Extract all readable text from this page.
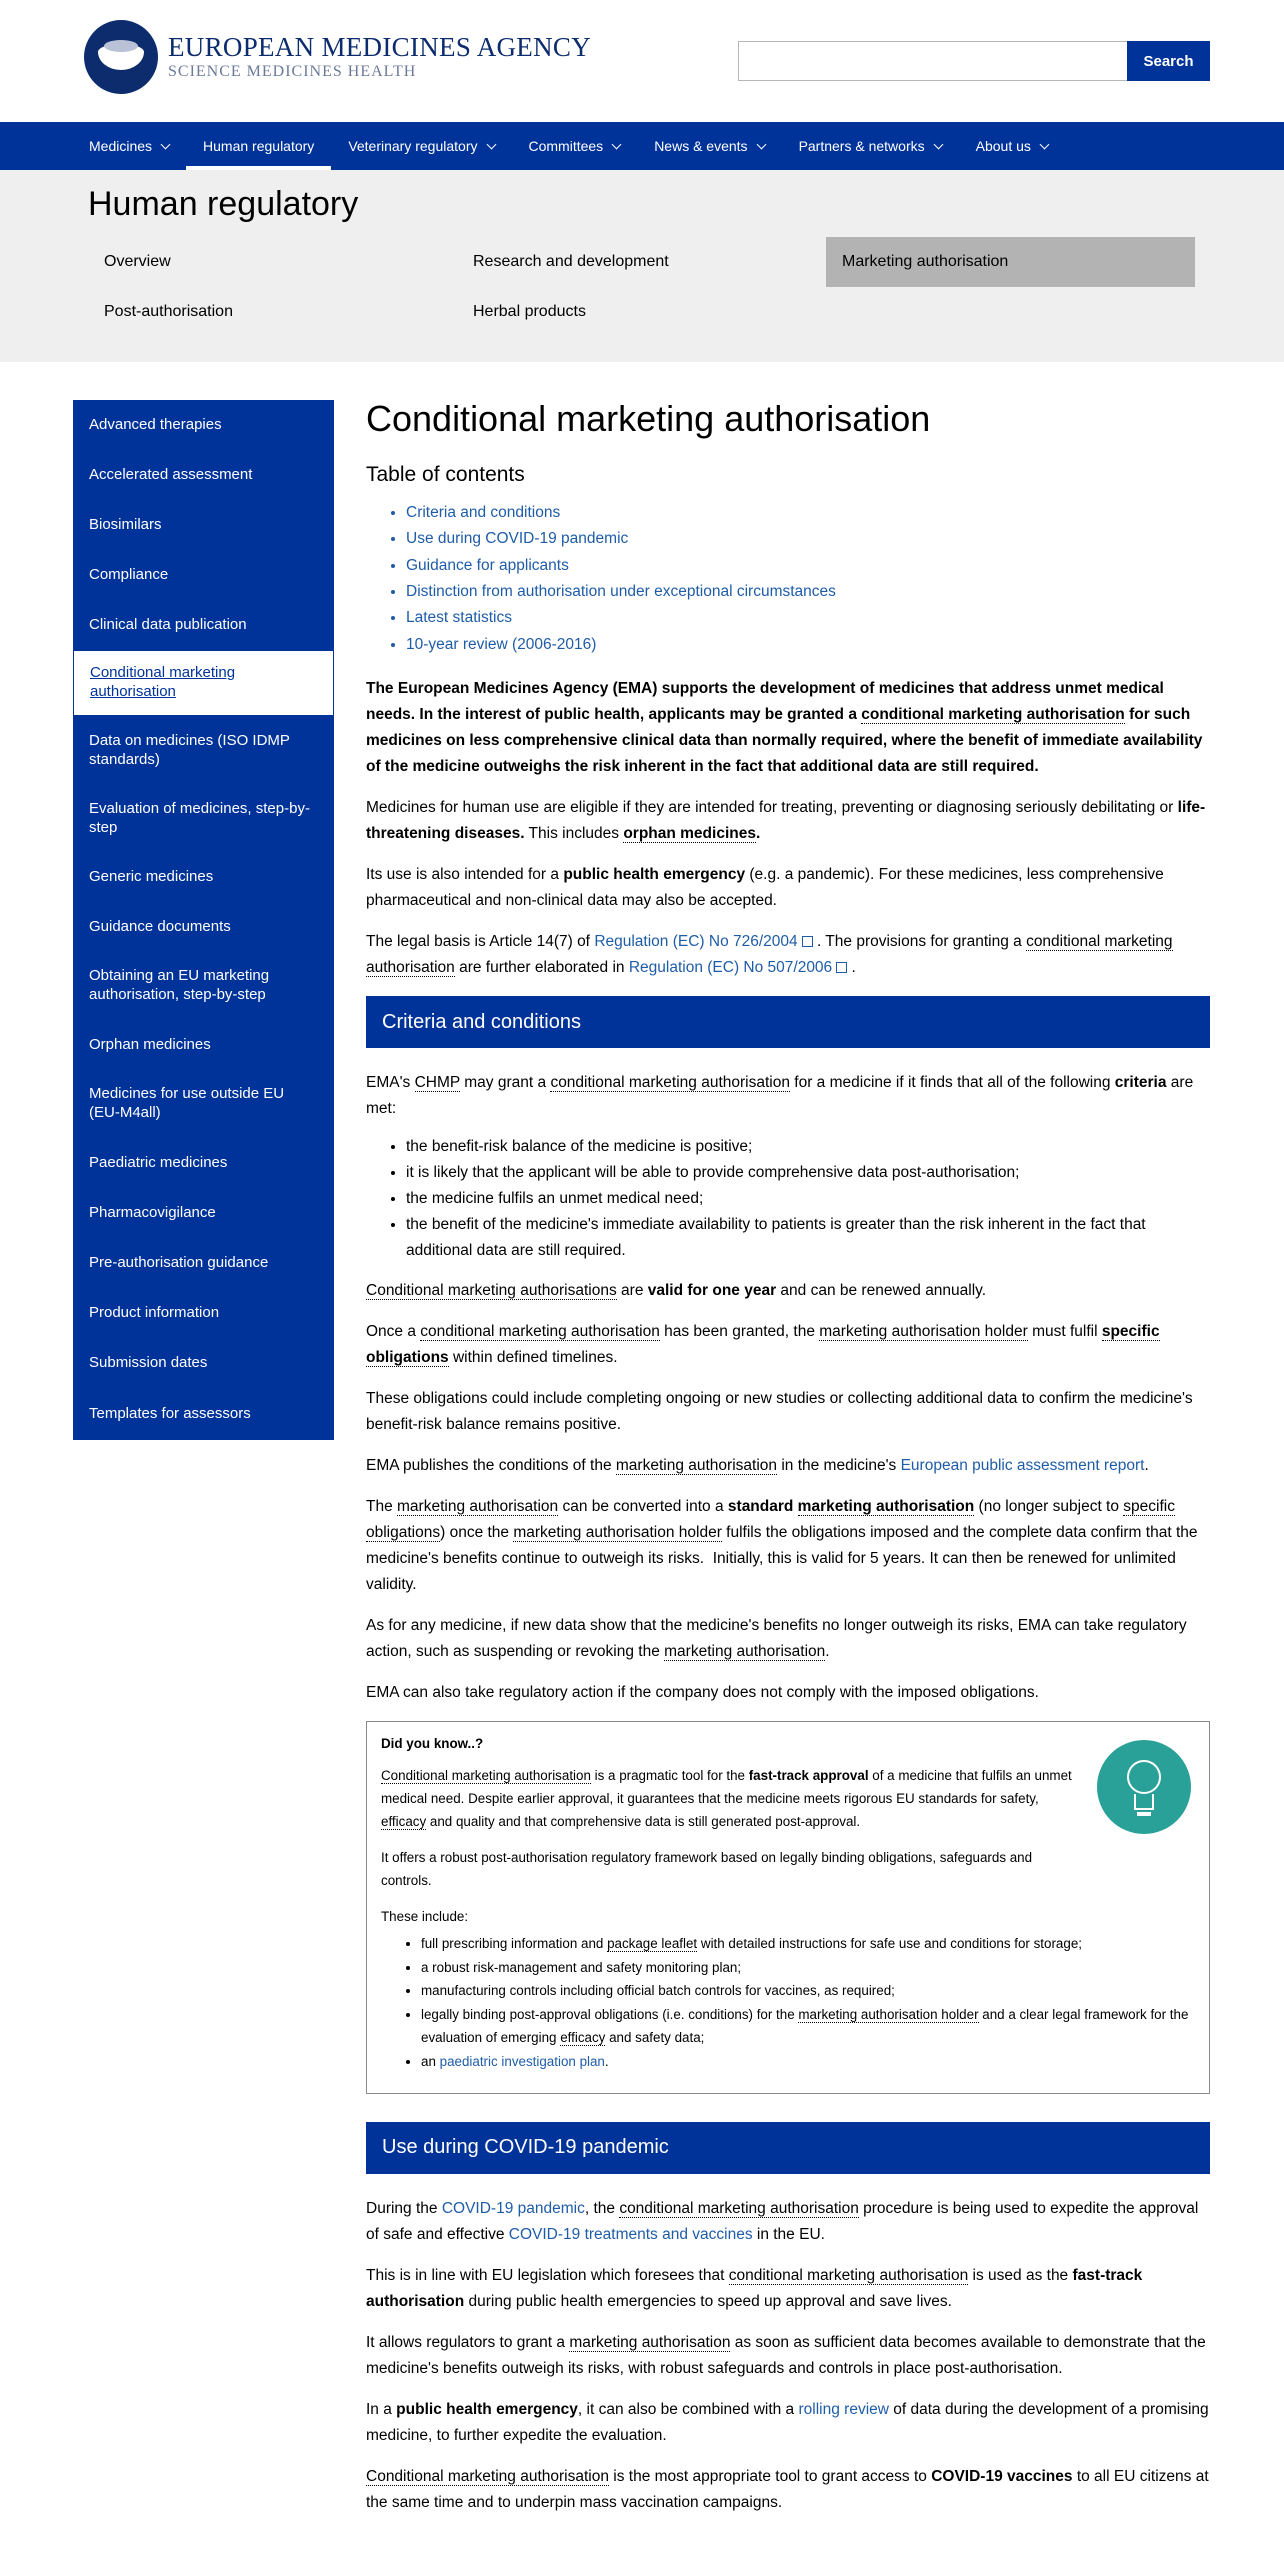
EUROPEAN MEDICINES AGENCY
SCIENCE MEDICINES HEALTH
Search
Medicines	Human regulatory Veterinary regulatory	Committees	News & events	Partners & networks	About us
Human regulatory
Overview	Research and development	Marketing authorisation
Post-authorisation	Herbal products
Advanced therapies
Accelerated assessment
Biosimilars
Compliance
Clinical data publication
Conditional marketing authorisation
Data on medicines (ISO IDMP standards)
Evaluation of medicines, step-by-step
Generic medicines
Guidance documents
Obtaining an EU marketing authorisation, step-by-step
Orphan medicines
Medicines for use outside EU (EU-M4all)
Paediatric medicines
Pharmacovigilance
Pre-authorisation guidance
Product information
Submission dates
Templates for assessors
Conditional marketing authorisation
Table of contents
• Criteria and conditions
• Use during COVID-19 pandemic
• Guidance for applicants
• Distinction from authorisation under exceptional circumstances
• Latest statistics
• 10-year review (2006-2016)

The European Medicines Agency (EMA) supports the development of medicines that address unmet medical needs. In the interest of public health, applicants may be granted a conditional marketing authorisation for such medicines on less comprehensive clinical data than normally required, where the benefit of immediate availability of the medicine outweighs the risk inherent in the fact that additional data are still required.

Medicines for human use are eligible if they are intended for treating, preventing or diagnosing seriously debilitating or life-threatening diseases. This includes orphan medicines.

Its use is also intended for a public health emergency (e.g. a pandemic). For these medicines, less comprehensive pharmaceutical and non-clinical data may also be accepted.

The legal basis is Article 14(7) of Regulation (EC) No 726/2004 . The provisions for granting a conditional marketing authorisation are further elaborated in Regulation (EC) No 507/2006 .

Criteria and conditions

EMA's CHMP may grant a conditional marketing authorisation for a medicine if it finds that all of the following criteria are met:

• the benefit-risk balance of the medicine is positive;
• it is likely that the applicant will be able to provide comprehensive data post-authorisation;
• the medicine fulfils an unmet medical need;
• the benefit of the medicine's immediate availability to patients is greater than the risk inherent in the fact that additional data are still required.

Conditional marketing authorisations are valid for one year and can be renewed annually.

Once a conditional marketing authorisation has been granted, the marketing authorisation holder must fulfil specific obligations within defined timelines.

These obligations could include completing ongoing or new studies or collecting additional data to confirm the medicine's benefit-risk balance remains positive.

EMA publishes the conditions of the marketing authorisation in the medicine's European public assessment report.

The marketing authorisation can be converted into a standard marketing authorisation (no longer subject to specific obligations) once the marketing authorisation holder fulfils the obligations imposed and the complete data confirm that the medicine's benefits continue to outweigh its risks.  Initially, this is valid for 5 years. It can then be renewed for unlimited validity.

As for any medicine, if new data show that the medicine's benefits no longer outweigh its risks, EMA can take regulatory action, such as suspending or revoking the marketing authorisation.

EMA can also take regulatory action if the company does not comply with the imposed obligations.

Did you know..?

Conditional marketing authorisation is a pragmatic tool for the fast-track approval of a medicine that fulfils an unmet medical need. Despite earlier approval, it guarantees that the medicine meets rigorous EU standards for safety, efficacy and quality and that comprehensive data is still generated post-approval.

It offers a robust post-authorisation regulatory framework based on legally binding obligations, safeguards and controls.

These include:

• full prescribing information and package leaflet with detailed instructions for safe use and conditions for storage;
• a robust risk-management and safety monitoring plan;
• manufacturing controls including official batch controls for vaccines, as required;
• legally binding post-approval obligations (i.e. conditions) for the marketing authorisation holder and a clear legal framework for the evaluation of emerging efficacy and safety data;
• an paediatric investigation plan.
Use during COVID-19 pandemic

During the COVID-19 pandemic, the conditional marketing authorisation procedure is being used to expedite the approval of safe and effective COVID-19 treatments and vaccines in the EU.

This is in line with EU legislation which foresees that conditional marketing authorisation is used as the fast-track authorisation during public health emergencies to speed up approval and save lives.

It allows regulators to grant a marketing authorisation as soon as sufficient data becomes available to demonstrate that the medicine's benefits outweigh its risks, with robust safeguards and controls in place post-authorisation.

In a public health emergency, it can also be combined with a rolling review of data during the development of a promising medicine, to further expedite the evaluation.

Conditional marketing authorisation is the most appropriate tool to grant access to COVID-19 vaccines to all EU citizens at the same time and to underpin mass vaccination campaigns.
